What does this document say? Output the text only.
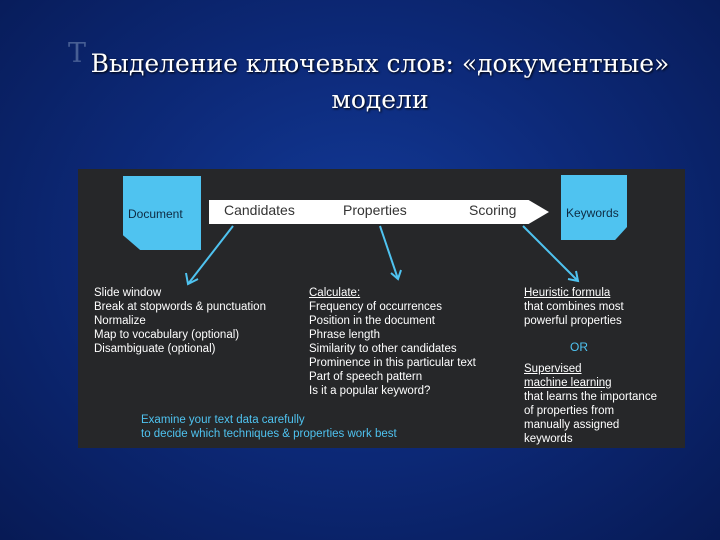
Т Выделение ключевых слов: «документные»
модели
Document	Candidates	Properties	Scoring	Keywords
Slide window
Break at stopwords & punctuation
Normalize
Map to vocabulary (optional)
Disambiguate (optional)
Calculate:
Frequency of occurrences
Position in the document
Phrase length
Similarity to other candidates
Prominence in this particular text
Part of speech pattern
Is it a popular keyword?
Heuristic formula
that combines most
powerful properties
OR
Supervised
machine learning
that learns the importance
of properties from
manually assigned
keywords
Examine your text data carefully
to decide which techniques & properties work best
